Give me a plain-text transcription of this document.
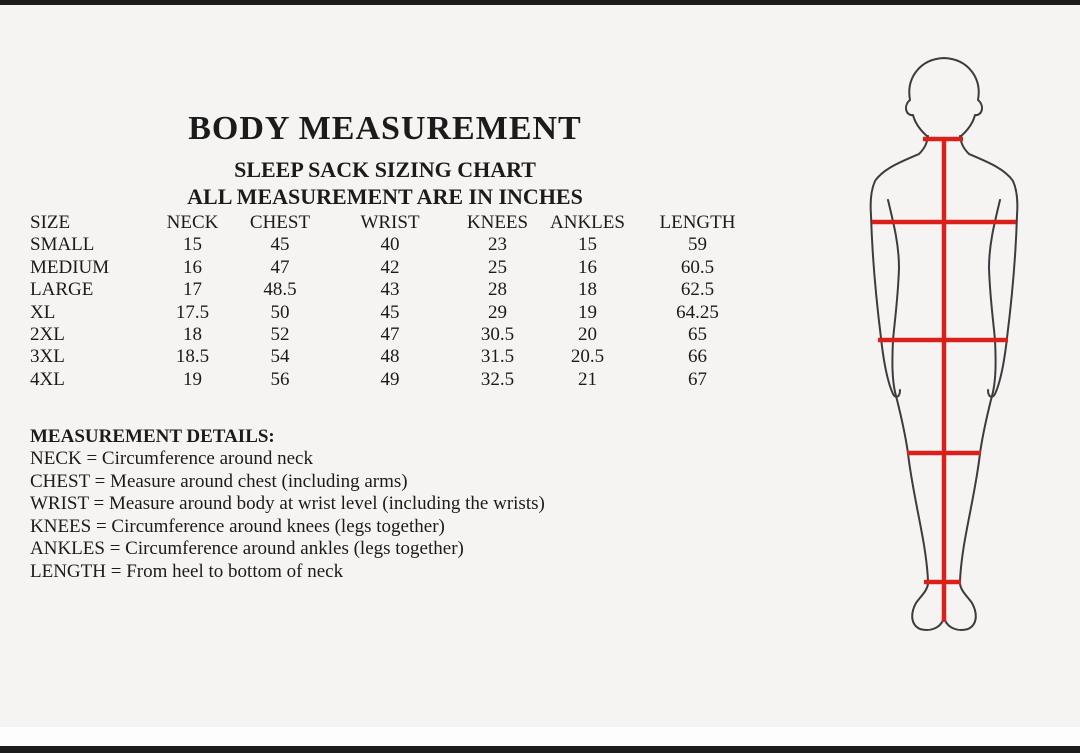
BODY MEASUREMENT
SLEEP SACK SIZING CHART
ALL MEASUREMENT ARE IN INCHES
SIZE	NECK	CHEST	WRIST	KNEES	ANKLES	LENGTH
SMALL	15	45	40	23	15	59
MEDIUM	16	47	42	25	16	60.5
LARGE	17	48.5	43	28	18	62.5
XL	17.5	50	45	29	19	64.25
2XL	18	52	47	30.5	20	65
3XL	18.5	54	48	31.5	20.5	66
4XL	19	56	49	32.5	21	67
MEASUREMENT DETAILS:
NECK = Circumference around neck
CHEST = Measure around chest (including arms)
WRIST = Measure around body at wrist level (including the wrists)
KNEES = Circumference around knees (legs together)
ANKLES = Circumference around ankles (legs together)
LENGTH = From heel to bottom of neck
